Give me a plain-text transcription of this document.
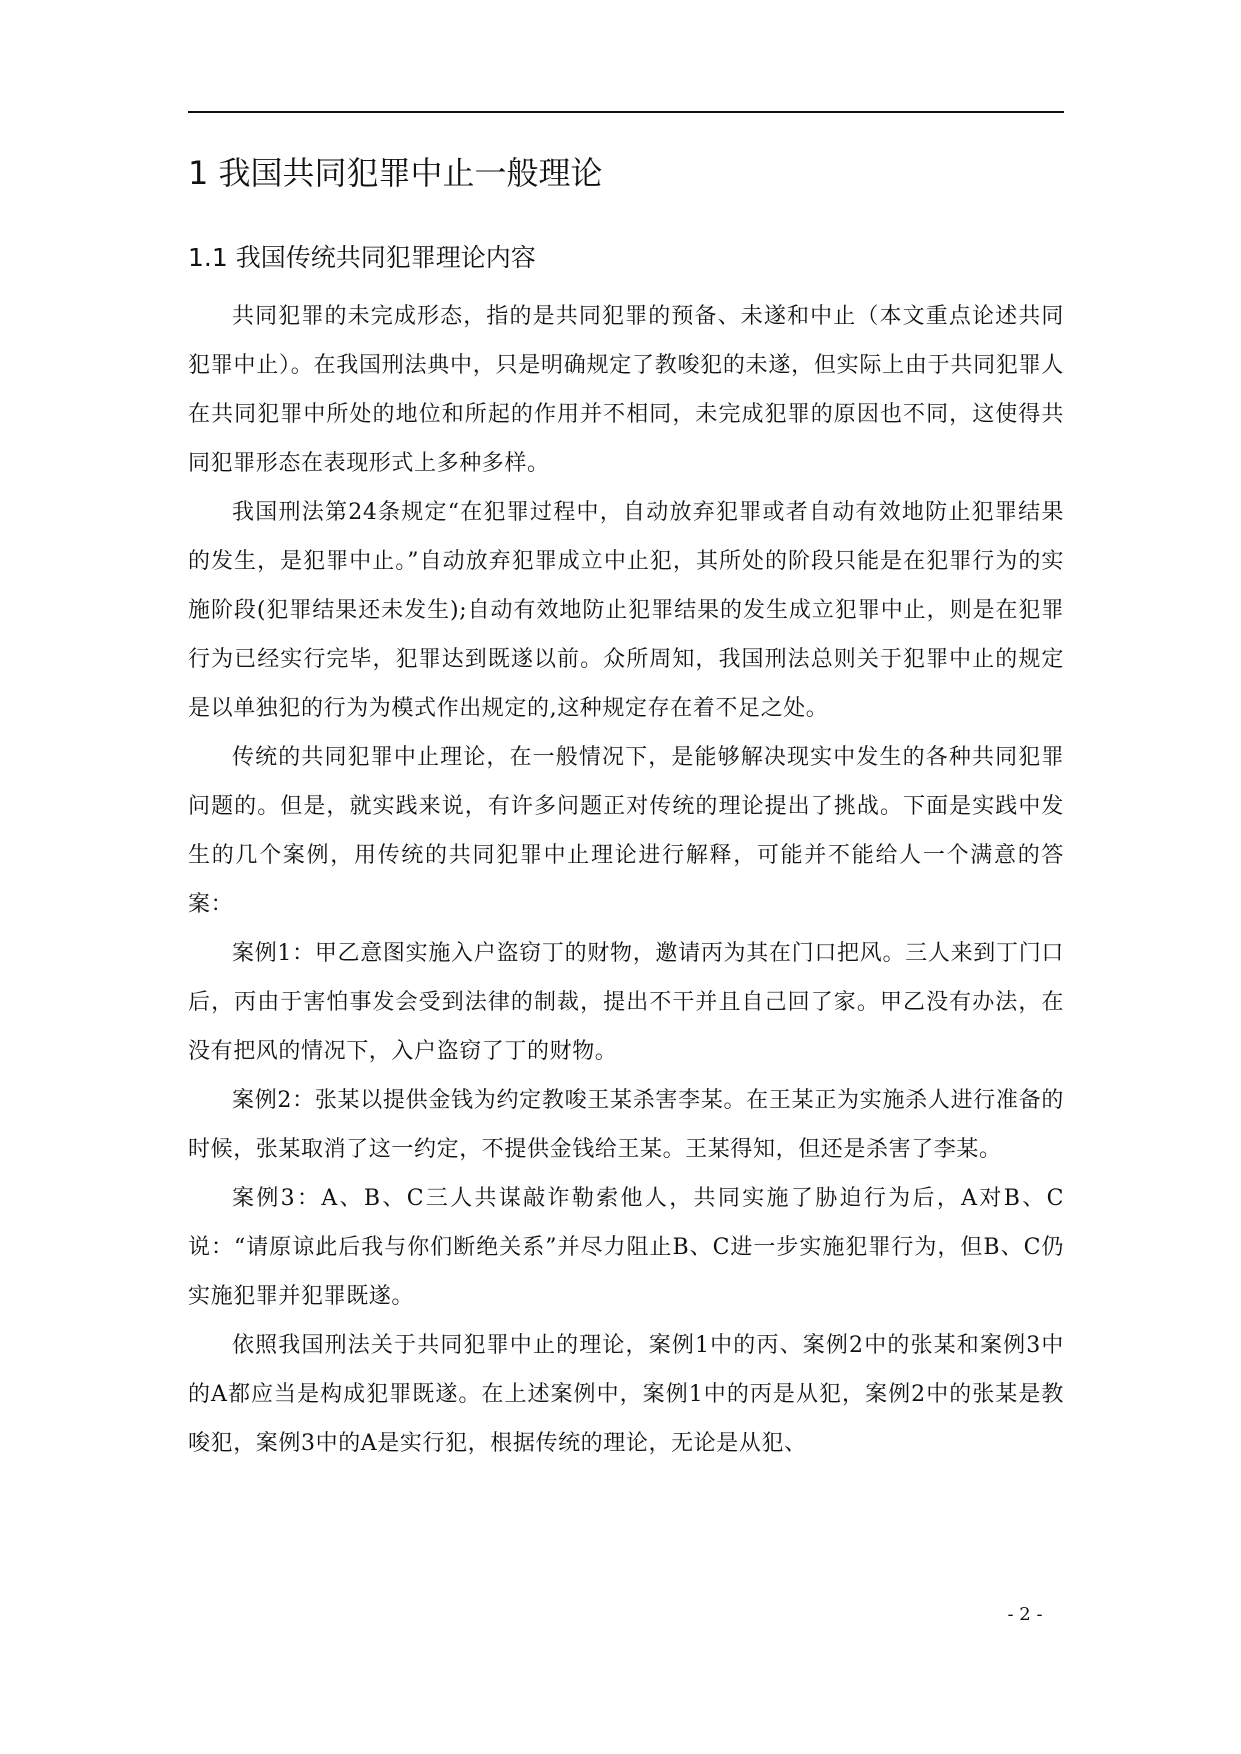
1 我国共同犯罪中止一般理论
1.1 我国传统共同犯罪理论内容

共同犯罪的未完成形态，指的是共同犯罪的预备、未遂和中止（本文重点论述共同犯罪中止）。在我国刑法典中，只是明确规定了教唆犯的未遂，但实际上由于共同犯罪人在共同犯罪中所处的地位和所起的作用并不相同，未完成犯罪的原因也不同，这使得共同犯罪形态在表现形式上多种多样。

我国刑法第24条规定“在犯罪过程中，自动放弃犯罪或者自动有效地防止犯罪结果的发生，是犯罪中止。”自动放弃犯罪成立中止犯，其所处的阶段只能是在犯罪行为的实施阶段(犯罪结果还未发生);自动有效地防止犯罪结果的发生成立犯罪中止，则是在犯罪行为已经实行完毕，犯罪达到既遂以前。众所周知，我国刑法总则关于犯罪中止的规定是以单独犯的行为为模式作出规定的,这种规定存在着不足之处。

传统的共同犯罪中止理论，在一般情况下，是能够解决现实中发生的各种共同犯罪问题的。但是，就实践来说，有许多问题正对传统的理论提出了挑战。下面是实践中发生的几个案例，用传统的共同犯罪中止理论进行解释，可能并不能给人一个满意的答案：

案例1：甲乙意图实施入户盗窃丁的财物，邀请丙为其在门口把风。三人来到丁门口后，丙由于害怕事发会受到法律的制裁，提出不干并且自己回了家。甲乙没有办法，在没有把风的情况下，入户盗窃了丁的财物。

案例2：张某以提供金钱为约定教唆王某杀害李某。在王某正为实施杀人进行准备的时候，张某取消了这一约定，不提供金钱给王某。王某得知，但还是杀害了李某。

案例3：A、B、C三人共谋敲诈勒索他人，共同实施了胁迫行为后，A对B、C说：“请原谅此后我与你们断绝关系”并尽力阻止B、C进一步实施犯罪行为，但B、C仍实施犯罪并犯罪既遂。

依照我国刑法关于共同犯罪中止的理论，案例1中的丙、案例2中的张某和案例3中的A都应当是构成犯罪既遂。在上述案例中，案例1中的丙是从犯，案例2中的张某是教唆犯，案例3中的A是实行犯，根据传统的理论，无论是从犯、

- 2 -
